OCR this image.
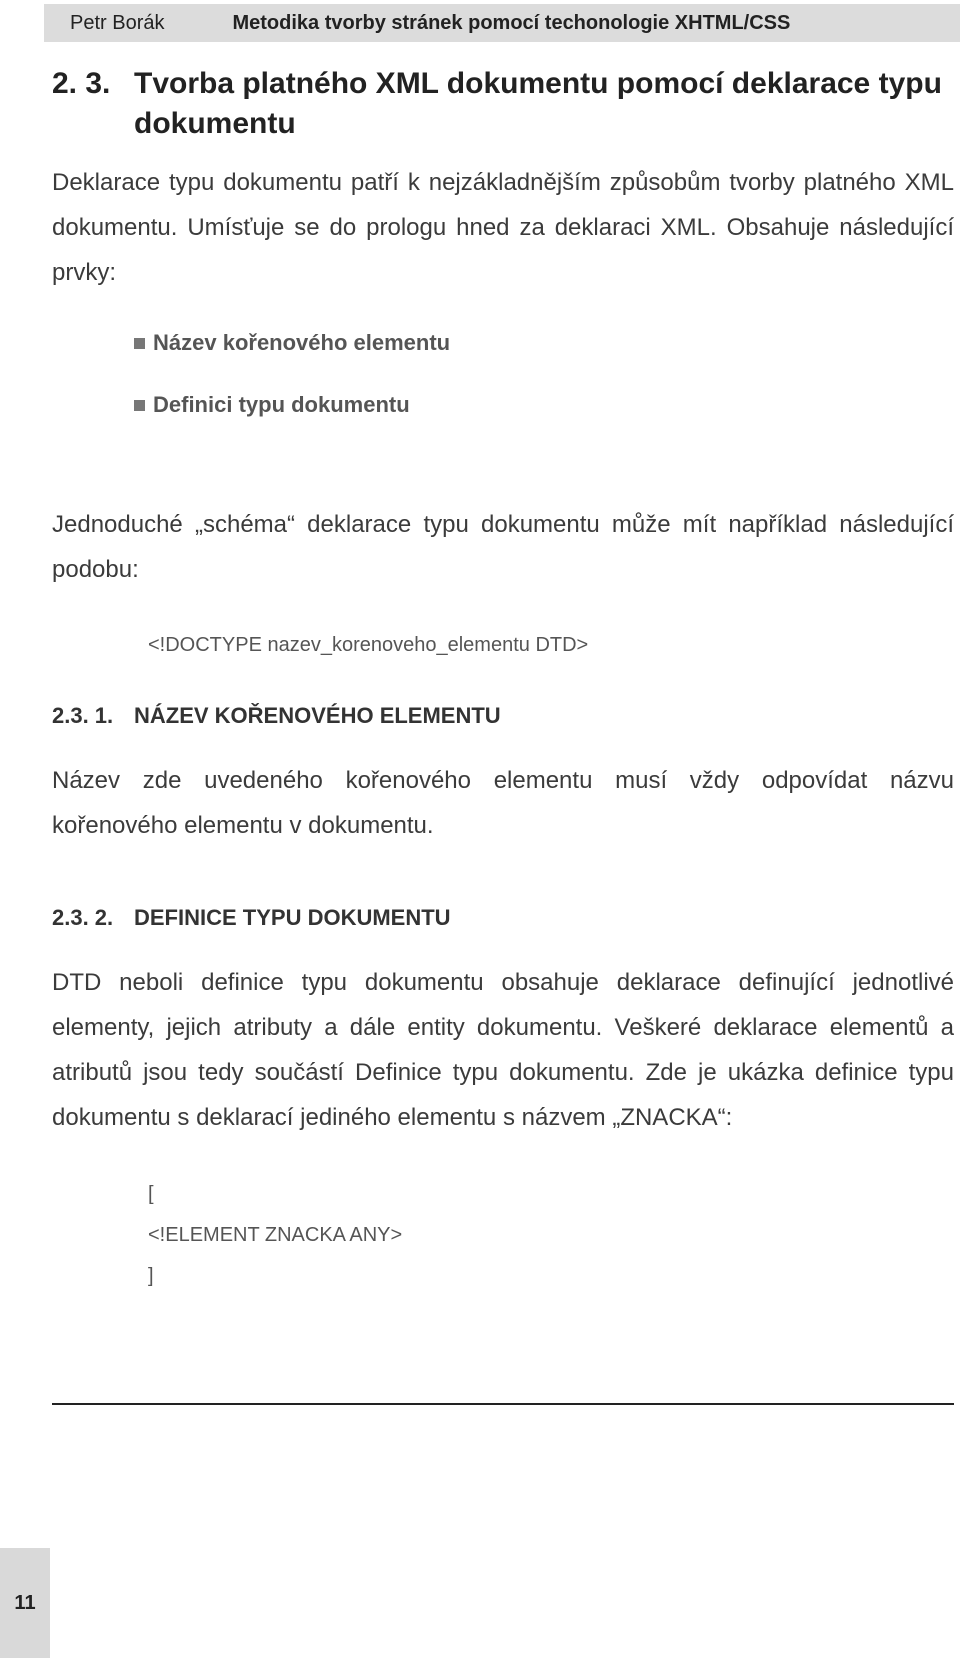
Petr Borák	Metodika tvorby stránek pomocí techonologie XHTML/CSS
2. 3. Tvorba platného XML dokumentu pomocí deklarace typu dokumentu
Deklarace typu dokumentu patří k nejzákladnějším způsobům tvorby platného XML dokumentu. Umísťuje se do prologu hned za deklaraci XML. Obsahuje následující prvky:
Název kořenového elementu
Definici typu dokumentu
Jednoduché „schéma“ deklarace typu dokumentu může mít například následující podobu:
<!DOCTYPE nazev_korenoveho_elementu DTD>
2.3. 1. NÁZEV KOŘENOVÉHO ELEMENTU
Název zde uvedeného kořenového elementu musí vždy odpovídat názvu kořenového elementu v dokumentu.
2.3. 2. DEFINICE TYPU DOKUMENTU
DTD neboli definice typu dokumentu obsahuje deklarace definující jednotlivé elementy, jejich atributy a dále entity dokumentu. Veškeré deklarace elementů a atributů jsou tedy součástí Definice typu dokumentu. Zde je ukázka definice typu dokumentu s deklarací jediného elementu s názvem „ZNACKA“:
[
<!ELEMENT ZNACKA ANY>
]
11
